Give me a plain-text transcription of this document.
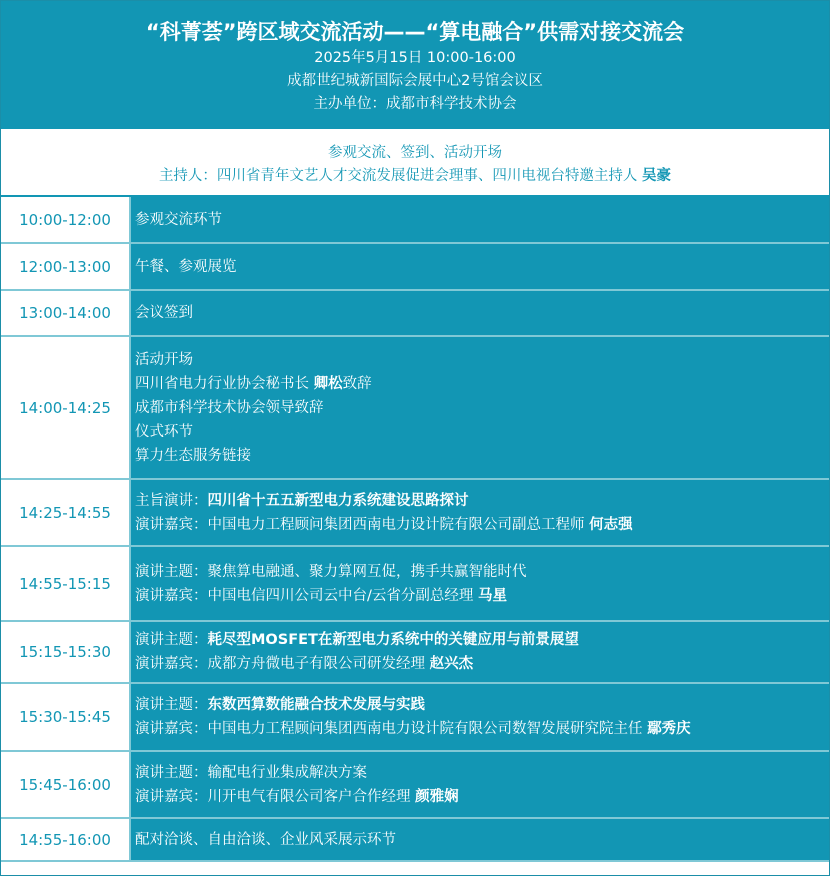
“科菁荟”跨区域交流活动——“算电融合”供需对接交流会
2025年5月15日 10:00-16:00
成都世纪城新国际会展中心2号馆会议区
主办单位：成都市科学技术协会
参观交流、签到、活动开场
主持人：四川省青年文艺人才交流发展促进会理事、四川电视台特邀主持人 吴豪
10:00-12:00	参观交流环节

12:00-13:00	午餐、参观展览

13:00-14:00	会议签到

14:00-14:25	活动开场
四川省电力行业协会秘书长 卿松致辞
成都市科学技术协会领导致辞
仪式环节
算力生态服务链接

14:25-14:55	主旨演讲：四川省十五五新型电力系统建设思路探讨
演讲嘉宾：中国电力工程顾问集团西南电力设计院有限公司副总工程师 何志强

14:55-15:15	演讲主题：聚焦算电融通、聚力算网互促，携手共赢智能时代
演讲嘉宾：中国电信四川公司云中台/云省分副总经理 马星

15:15-15:30	演讲主题：耗尽型MOSFET在新型电力系统中的关键应用与前景展望
演讲嘉宾：成都方舟微电子有限公司研发经理 赵兴杰

15:30-15:45	演讲主题：东数西算数能融合技术发展与实践
演讲嘉宾：中国电力工程顾问集团西南电力设计院有限公司数智发展研究院主任 鄢秀庆

15:45-16:00	演讲主题：输配电行业集成解决方案
演讲嘉宾：川开电气有限公司客户合作经理 颜雅娴

14:55-16:00	配对洽谈、自由洽谈、企业风采展示环节
